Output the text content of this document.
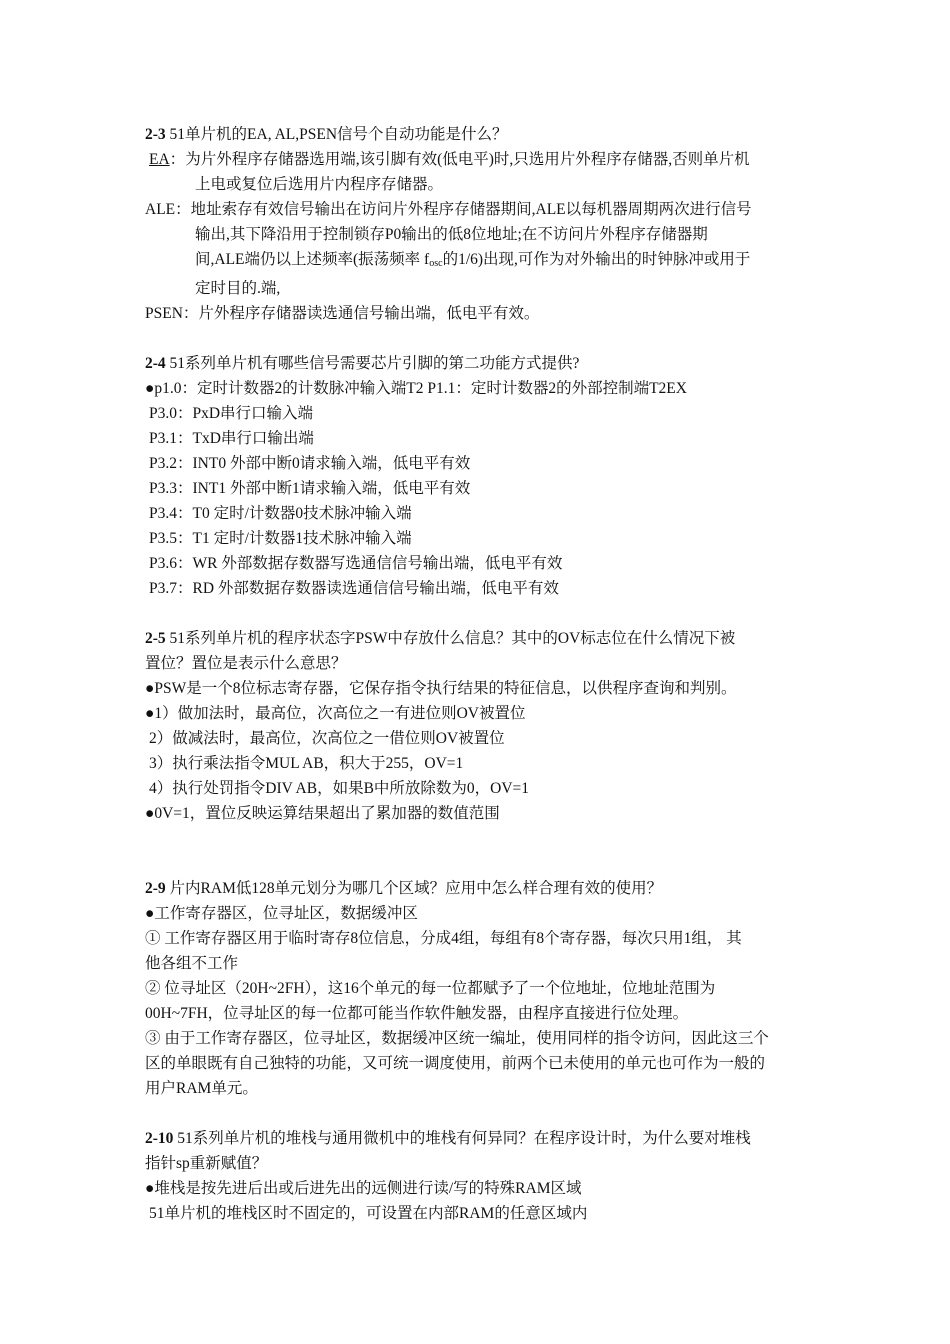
2-3 51单片机的EA, AL,PSEN信号个自动功能是什么？
EA：为片外程序存储器选用端,该引脚有效(低电平)时,只选用片外程序存储器,否则单片机
上电或复位后选用片内程序存储器。
ALE：地址索存有效信号输出在访问片外程序存储器期间,ALE以每机器周期两次进行信号
输出,其下降沿用于控制锁存P0输出的低8位地址;在不访问片外程序存储器期
间,ALE端仍以上述频率(振荡频率 $f_{osc}$的1/6)出现,可作为对外输出的时钟脉冲或用于
定时目的.端,
PSEN：片外程序存储器读选通信号输出端，低电平有效。
2-4 51系列单片机有哪些信号需要芯片引脚的第二功能方式提供?
●p1.0：定时计数器2的计数脉冲输入端T2 P1.1：定时计数器2的外部控制端T2EX
P3.0：PxD串行口输入端
P3.1：TxD串行口输出端
P3.2：INT0 外部中断0请求输入端，低电平有效
P3.3：INT1 外部中断1请求输入端，低电平有效
P3.4：T0 定时/计数器0技术脉冲输入端
P3.5：T1 定时/计数器1技术脉冲输入端
P3.6：WR 外部数据存数器写选通信信号输出端，低电平有效
P3.7：RD 外部数据存数器读选通信信号输出端，低电平有效
2-5 51系列单片机的程序状态字PSW中存放什么信息？其中的OV标志位在什么情况下被
置位？置位是表示什么意思？
●PSW是一个8位标志寄存器，它保存指令执行结果的特征信息，以供程序查询和判别。
●1）做加法时，最高位，次高位之一有进位则OV被置位
2）做减法时，最高位，次高位之一借位则OV被置位
3）执行乘法指令MUL AB，积大于255，OV=1
4）执行处罚指令DIV AB，如果B中所放除数为0，OV=1
●0V=1，置位反映运算结果超出了累加器的数值范围
2-9 片内RAM低128单元划分为哪几个区域？应用中怎么样合理有效的使用？
●工作寄存器区，位寻址区，数据缓冲区
① 工作寄存器区用于临时寄存8位信息，分成4组，每组有8个寄存器，每次只用1组， 其
他各组不工作
② 位寻址区（20H~2FH），这16个单元的每一位都赋予了一个位地址，位地址范围为
00H~7FH，位寻址区的每一位都可能当作软件触发器，由程序直接进行位处理。
③ 由于工作寄存器区，位寻址区，数据缓冲区统一编址，使用同样的指令访问，因此这三个
区的单眼既有自己独特的功能，又可统一调度使用，前两个已未使用的单元也可作为一般的
用户RAM单元。
2-10 51系列单片机的堆栈与通用微机中的堆栈有何异同？在程序设计时，为什么要对堆栈
指针sp重新赋值？
●堆栈是按先进后出或后进先出的远侧进行读/写的特殊RAM区域
51单片机的堆栈区时不固定的，可设置在内部RAM的任意区域内
